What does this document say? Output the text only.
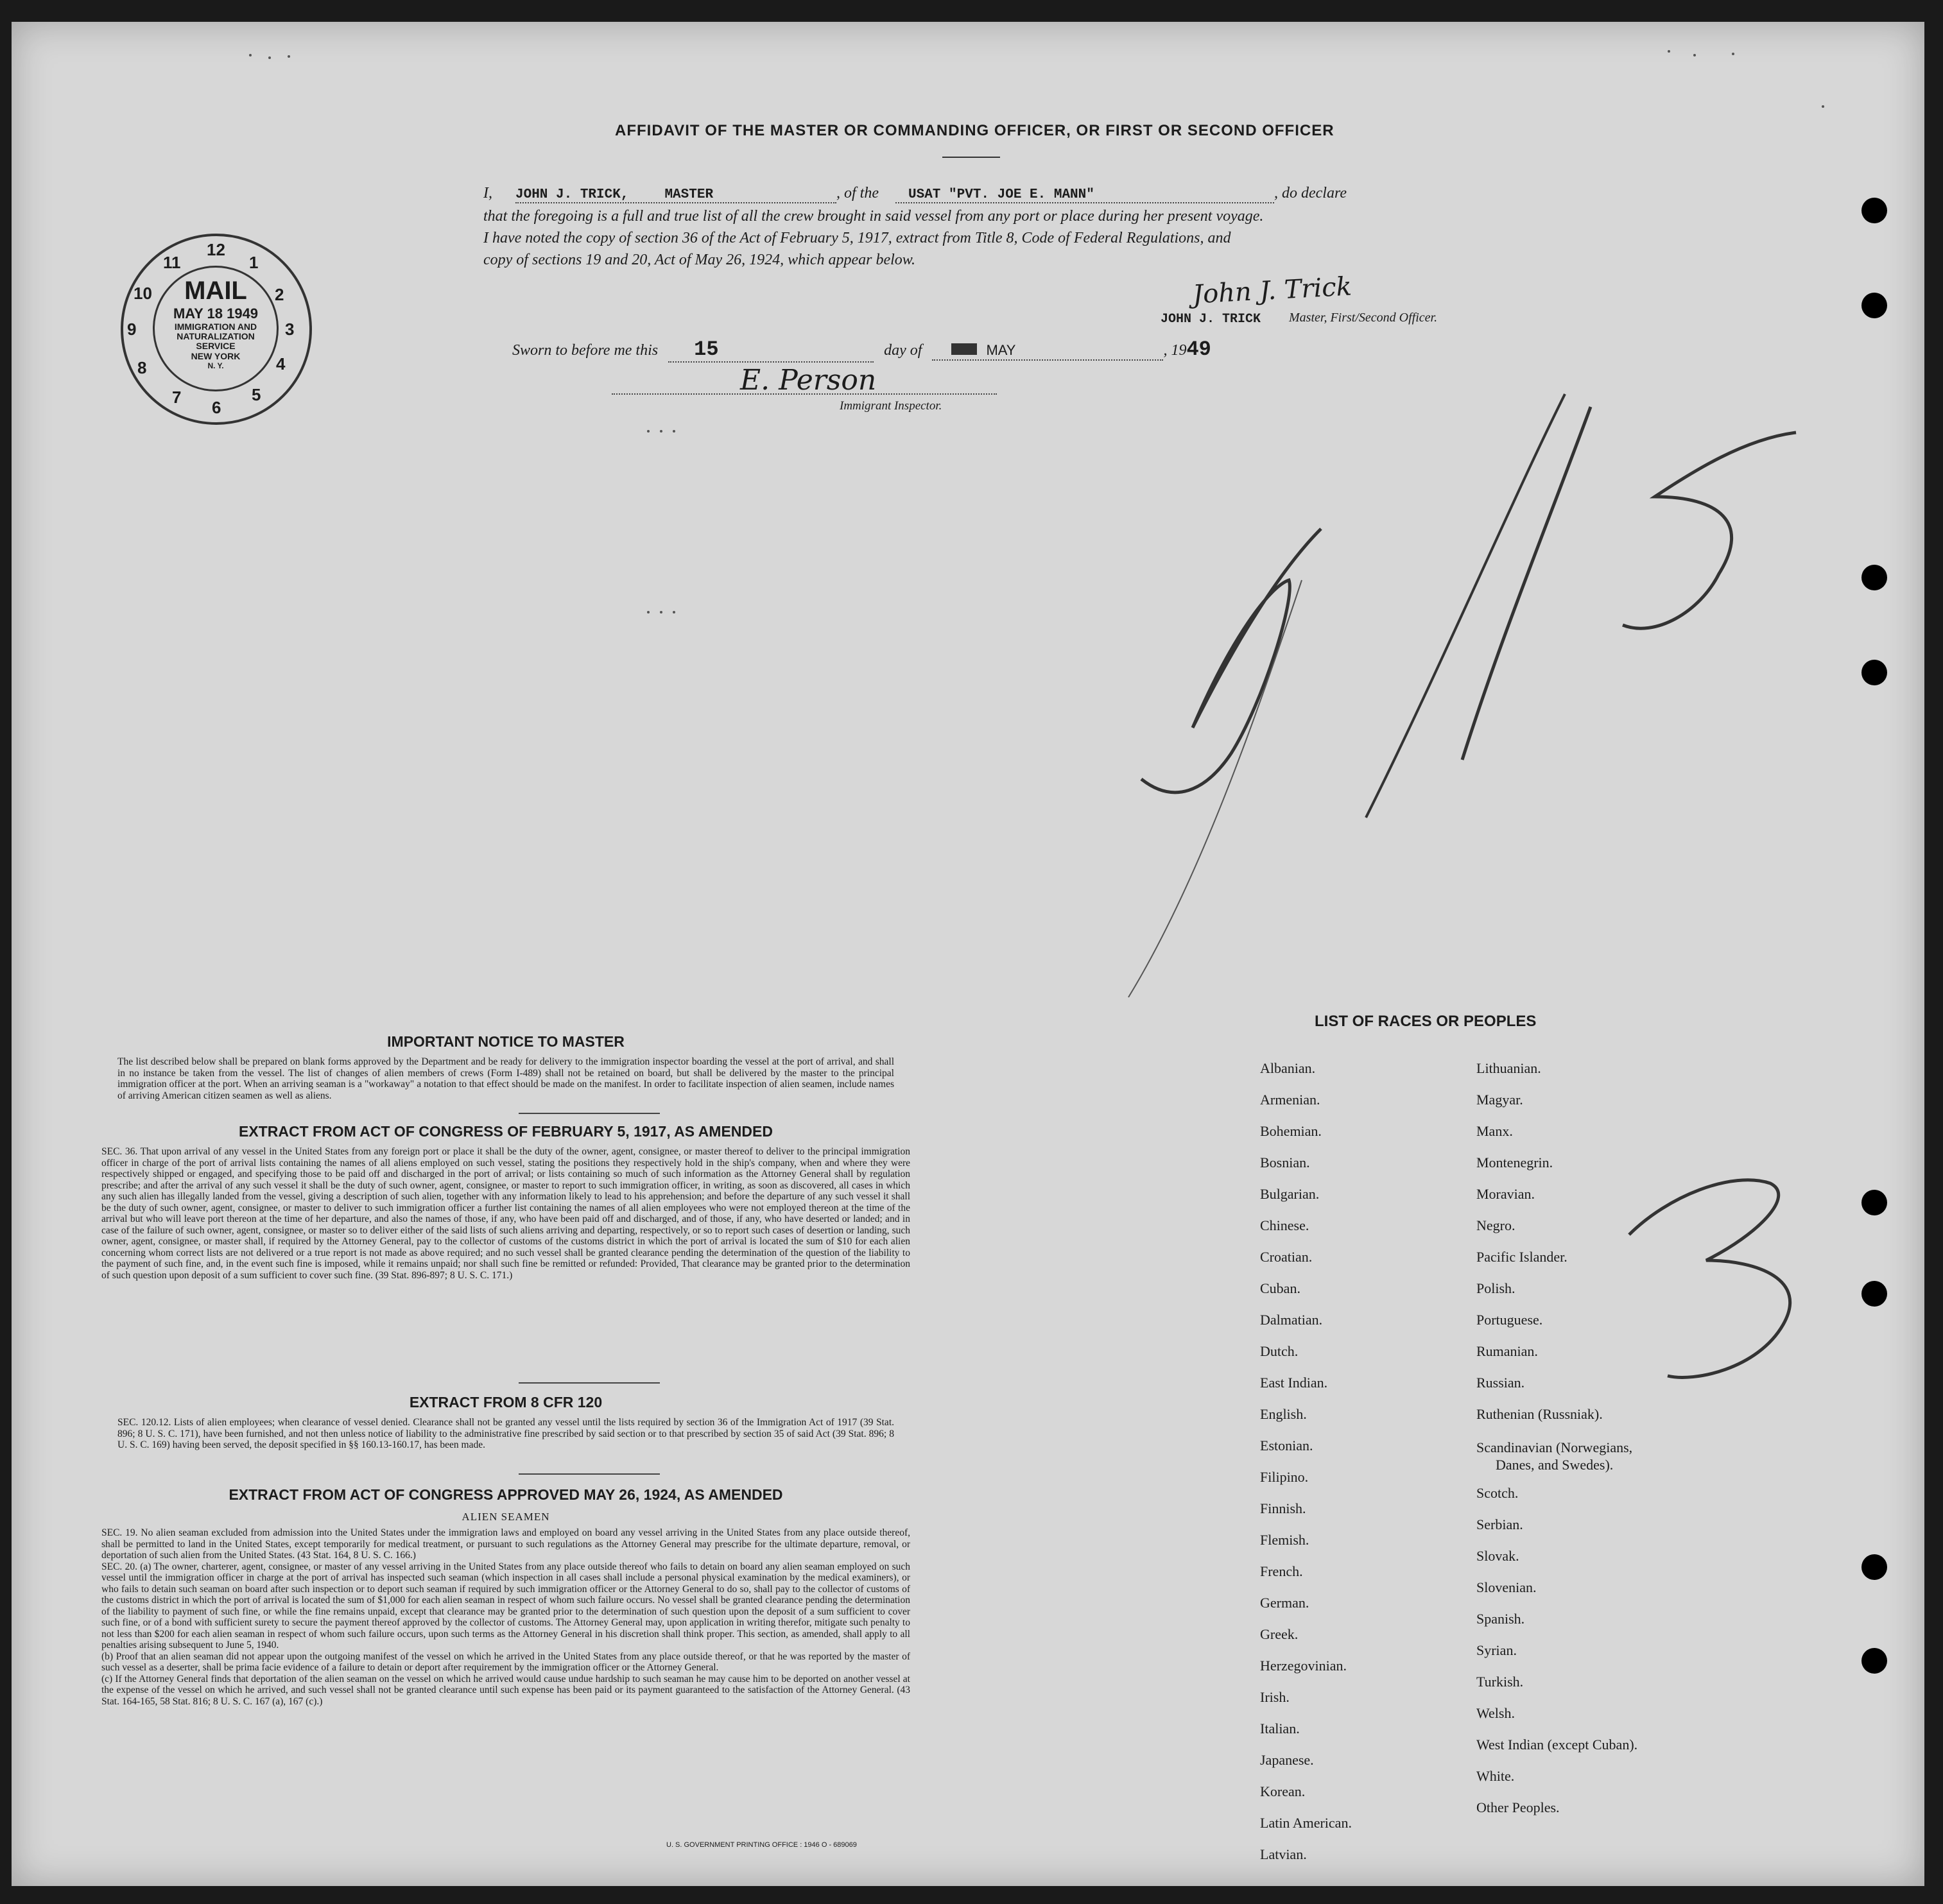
AFFIDAVIT OF THE MASTER OR COMMANDING OFFICER, OR FIRST OR SECOND OFFICER
I, JOHN J. TRICK,	MASTER	, of the USAT "PVT. JOE E. MANN"	, do declare
that the foregoing is a full and true list of all the crew brought in said vessel from any port or place during her present voyage.
I have noted the copy of section 36 of the Act of February 5, 1917, extract from Title 8, Code of Federal Regulations, and
copy of sections 19 and 20, Act of May 26, 1924, which appear below.
John J. Trick
JOHN J. TRICK Master, First/Second Officer.
Sworn to before me this 15	day of	MAY	, 1949
E. Person
Immigrant Inspector.
12
1
2
3
4
5
6
7
8
9
10
11
MAIL
MAY 18 1949
IMMIGRATION AND NATURALIZATION SERVICE
NEW YORK
N. Y.
IMPORTANT NOTICE TO MASTER
The list described below shall be prepared on blank forms approved by the Department and be ready for delivery to the immigration inspector boarding the vessel at the port of arrival, and shall in no instance be taken from the vessel. The list of changes of alien members of crews (Form I-489) shall not be retained on board, but shall be delivered by the master to the principal immigration officer at the port. When an arriving seaman is a "workaway" a notation to that effect should be made on the manifest. In order to facilitate inspection of alien seamen, include names of arriving American citizen seamen as well as aliens.
EXTRACT FROM ACT OF CONGRESS OF FEBRUARY 5, 1917, AS AMENDED
SEC. 36. That upon arrival of any vessel in the United States from any foreign port or place it shall be the duty of the owner, agent, consignee, or master thereof to deliver to the principal immigration officer in charge of the port of arrival lists containing the names of all aliens employed on such vessel, stating the positions they respectively hold in the ship's company, when and where they were respectively shipped or engaged, and specifying those to be paid off and discharged in the port of arrival; or lists containing so much of such information as the Attorney General shall by regulation prescribe; and after the arrival of any such vessel it shall be the duty of such owner, agent, consignee, or master to report to such immigration officer, in writing, as soon as discovered, all cases in which any such alien has illegally landed from the vessel, giving a description of such alien, together with any information likely to lead to his apprehension; and before the departure of any such vessel it shall be the duty of such owner, agent, consignee, or master to deliver to such immigration officer a further list containing the names of all alien employees who were not employed thereon at the time of the arrival but who will leave port thereon at the time of her departure, and also the names of those, if any, who have been paid off and discharged, and of those, if any, who have deserted or landed; and in case of the failure of such owner, agent, consignee, or master so to deliver either of the said lists of such aliens arriving and departing, respectively, or so to report such cases of desertion or landing, such owner, agent, consignee, or master shall, if required by the Attorney General, pay to the collector of customs of the customs district in which the port of arrival is located the sum of $10 for each alien concerning whom correct lists are not delivered or a true report is not made as above required; and no such vessel shall be granted clearance pending the determination of the question of the liability to the payment of such fine, and, in the event such fine is imposed, while it remains unpaid; nor shall such fine be remitted or refunded: Provided, That clearance may be granted prior to the determination of such question upon deposit of a sum sufficient to cover such fine. (39 Stat. 896-897; 8 U. S. C. 171.)
EXTRACT FROM 8 CFR 120
SEC. 120.12. Lists of alien employees; when clearance of vessel denied. Clearance shall not be granted any vessel until the lists required by section 36 of the Immigration Act of 1917 (39 Stat. 896; 8 U. S. C. 171), have been furnished, and not then unless notice of liability to the administrative fine prescribed by said section or to that prescribed by section 35 of said Act (39 Stat. 896; 8 U. S. C. 169) having been served, the deposit specified in §§ 160.13-160.17, has been made.
EXTRACT FROM ACT OF CONGRESS APPROVED MAY 26, 1924, AS AMENDED
ALIEN SEAMEN
SEC. 19. No alien seaman excluded from admission into the United States under the immigration laws and employed on board any vessel arriving in the United States from any place outside thereof, shall be permitted to land in the United States, except temporarily for medical treatment, or pursuant to such regulations as the Attorney General may prescribe for the ultimate departure, removal, or deportation of such alien from the United States. (43 Stat. 164, 8 U. S. C. 166.)
SEC. 20. (a) The owner, charterer, agent, consignee, or master of any vessel arriving in the United States from any place outside thereof who fails to detain on board any alien seaman employed on such vessel until the immigration officer in charge at the port of arrival has inspected such seaman (which inspection in all cases shall include a personal physical examination by the medical examiners), or who fails to detain such seaman on board after such inspection or to deport such seaman if required by such immigration officer or the Attorney General to do so, shall pay to the collector of customs of the customs district in which the port of arrival is located the sum of $1,000 for each alien seaman in respect of whom such failure occurs. No vessel shall be granted clearance pending the determination of the liability to payment of such fine, or while the fine remains unpaid, except that clearance may be granted prior to the determination of such question upon the deposit of a sum sufficient to cover such fine, or of a bond with sufficient surety to secure the payment thereof approved by the collector of customs. The Attorney General may, upon application in writing therefor, mitigate such penalty to not less than $200 for each alien seaman in respect of whom such failure occurs, upon such terms as the Attorney General in his discretion shall think proper. This section, as amended, shall apply to all penalties arising subsequent to June 5, 1940.
(b) Proof that an alien seaman did not appear upon the outgoing manifest of the vessel on which he arrived in the United States from any place outside thereof, or that he was reported by the master of such vessel as a deserter, shall be prima facie evidence of a failure to detain or deport after requirement by the immigration officer or the Attorney General.
(c) If the Attorney General finds that deportation of the alien seaman on the vessel on which he arrived would cause undue hardship to such seaman he may cause him to be deported on another vessel at the expense of the vessel on which he arrived, and such vessel shall not be granted clearance until such expense has been paid or its payment guaranteed to the satisfaction of the Attorney General. (43 Stat. 164-165, 58 Stat. 816; 8 U. S. C. 167 (a), 167 (c).)
U. S. GOVERNMENT PRINTING OFFICE : 1946 O - 689069
LIST OF RACES OR PEOPLES
Albanian.
Armenian.
Bohemian.
Bosnian.
Bulgarian.
Chinese.
Croatian.
Cuban.
Dalmatian.
Dutch.
East Indian.
English.
Estonian.
Filipino.
Finnish.
Flemish.
French.
German.
Greek.
Herzegovinian.
Irish.
Italian.
Japanese.
Korean.
Latin American.
Latvian.
Lithuanian.
Magyar.
Manx.
Montenegrin.
Moravian.
Negro.
Pacific Islander.
Polish.
Portuguese.
Rumanian.
Russian.
Ruthenian (Russniak).
Scandinavian (Norwegians,
Danes, and Swedes).
Scotch.
Serbian.
Slovak.
Slovenian.
Spanish.
Syrian.
Turkish.
Welsh.
West Indian (except Cuban).
White.
Other Peoples.
